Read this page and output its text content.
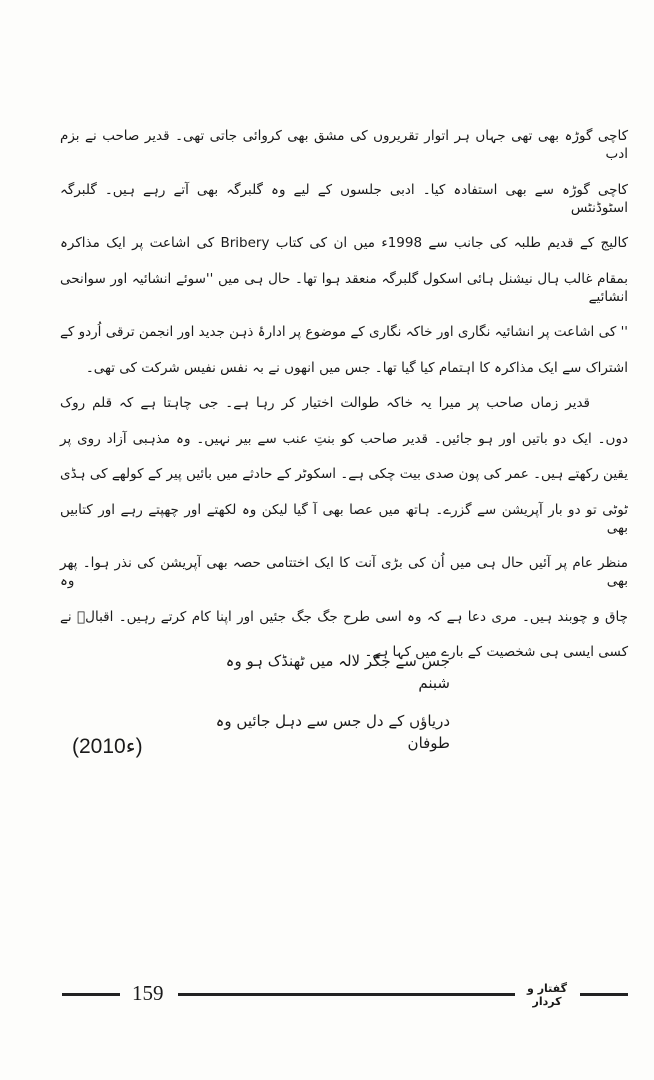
کاچی گوڑہ بھی تھی جہاں ہر اتوار تقریروں کی مشق بھی کروائی جاتی تھی۔ قدیر صاحب نے بزم ادب
کاچی گوڑہ سے بھی استفادہ کیا۔ ادبی جلسوں کے لیے وہ گلبرگہ بھی آتے رہے ہیں۔ گلبرگہ اسٹوڈنٹس
کالیج کے قدیم طلبہ کی جانب سے 1998ء میں ان کی کتاب Bribery کی اشاعت پر ایک مذاکرہ
بمقام غالب ہال نیشنل ہائی اسکول گلبرگہ منعقد ہوا تھا۔ حال ہی میں ''سوئے انشائیہ اور سوانحی انشائیے
'' کی اشاعت پر انشائیہ نگاری اور خاکہ نگاری کے موضوع پر ادارۂ ذہن جدید اور انجمن ترقی اُردو کے
اشتراک سے ایک مذاکرہ کا اہتمام کیا گیا تھا۔ جس میں انھوں نے بہ نفس نفیس شرکت کی تھی۔
قدیر زماں صاحب پر میرا یہ خاکہ طوالت اختیار کر رہا ہے۔ جی چاہتا ہے کہ قلم روک
دوں۔ ایک دو باتیں اور ہو جائیں۔ قدیر صاحب کو بنتِ عنب سے بیر نہیں۔ وہ مذہبی آزاد روی پر
یقین رکھتے ہیں۔ عمر کی پون صدی بیت چکی ہے۔ اسکوٹر کے حادثے میں بائیں پیر کے کولھے کی ہڈی
ٹوٹی تو دو بار آپریشن سے گزرے۔ ہاتھ میں عصا بھی آ گیا لیکن وہ لکھتے اور چھپتے رہے اور کتابیں بھی
منظر عام پر آئیں حال ہی میں اُن کی بڑی آنت کا ایک اختتامی حصہ بھی آپریشن کی نذر ہوا۔ پھر بھی وہ
چاق و چوبند ہیں۔ مری دعا ہے کہ وہ اسی طرح جگ جگ جئیں اور اپنا کام کرتے رہیں۔ اقبالؔ نے
کسی ایسی ہی شخصیت کے بارے میں کہا ہے۔
جس سے جگر لالہ میں ٹھنڈک ہو وہ شبنم
دریاؤں کے دل جس سے دہل جائیں وہ طوفان
(2010ء)
159	گفتار و کردار
